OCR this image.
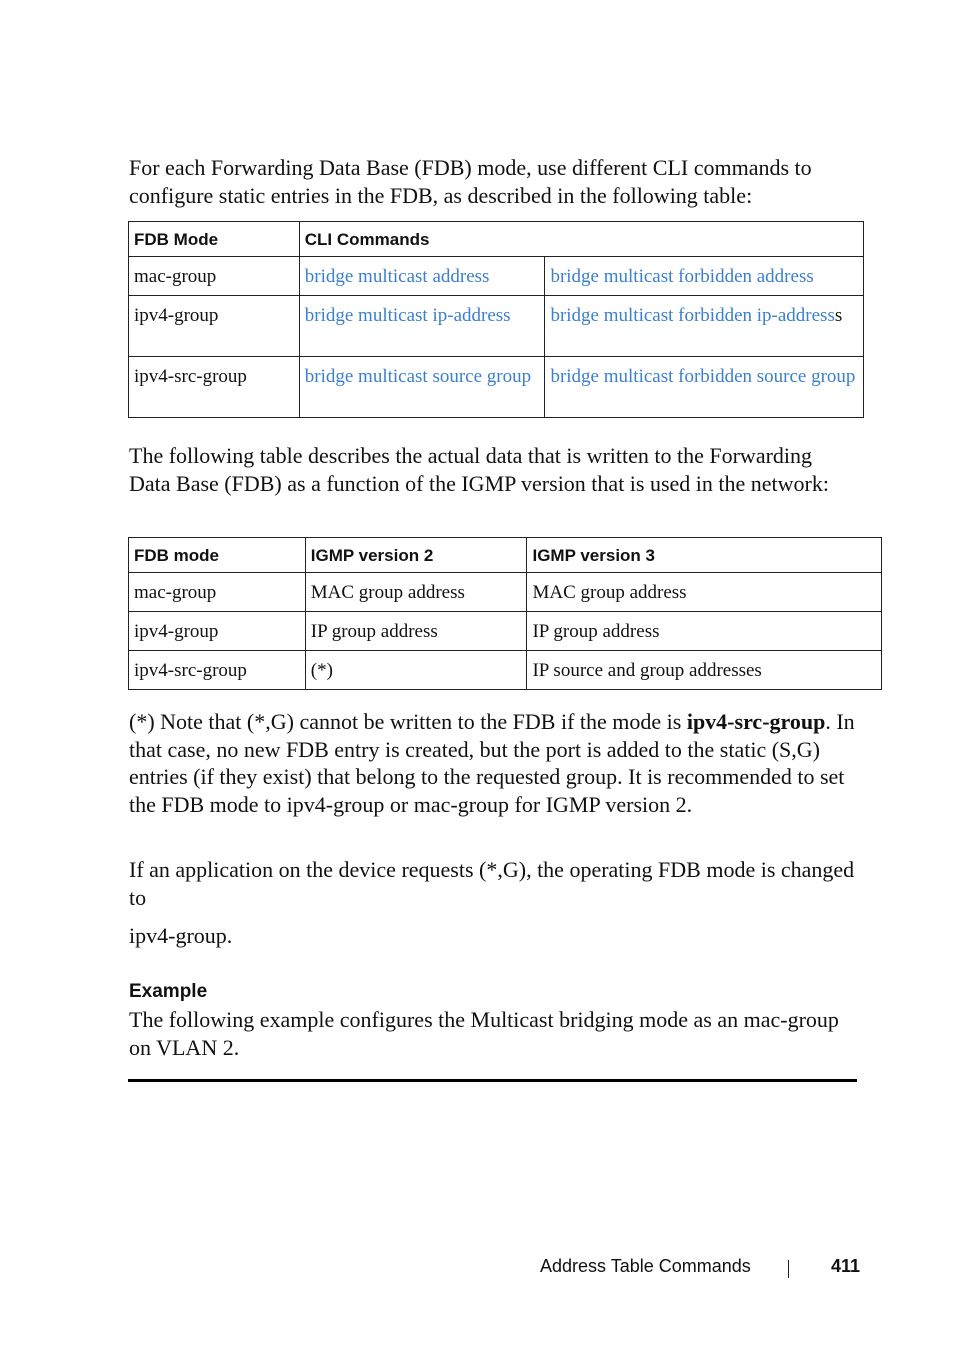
For each Forwarding Data Base (FDB) mode, use different CLI commands to configure static entries in the FDB, as described in the following table:

FDB Mode	CLI Commands	
mac-group	bridge multicast address	bridge multicast forbidden address
ipv4-group	bridge multicast ip-address	bridge multicast forbidden ip-addresss
ipv4-src-group	bridge multicast source group	bridge multicast forbidden source group

The following table describes the actual data that is written to the Forwarding Data Base (FDB) as a function of the IGMP version that is used in the network:

FDB mode	IGMP version 2	IGMP version 3
mac-group	MAC group address	MAC group address
ipv4-group	IP group address	IP group address
ipv4-src-group	(*)	IP source and group addresses

(*) Note that (*,G) cannot be written to the FDB if the mode is ipv4-src-group. In that case, no new FDB entry is created, but the port is added to the static (S,G) entries (if they exist) that belong to the requested group. It is recommended to set the FDB mode to ipv4-group or mac-group for IGMP version 2.

If an application on the device requests (*,G), the operating FDB mode is changed to

ipv4-group.

Example

The following example configures the Multicast bridging mode as an mac-group on VLAN 2.

Address Table Commands	411
